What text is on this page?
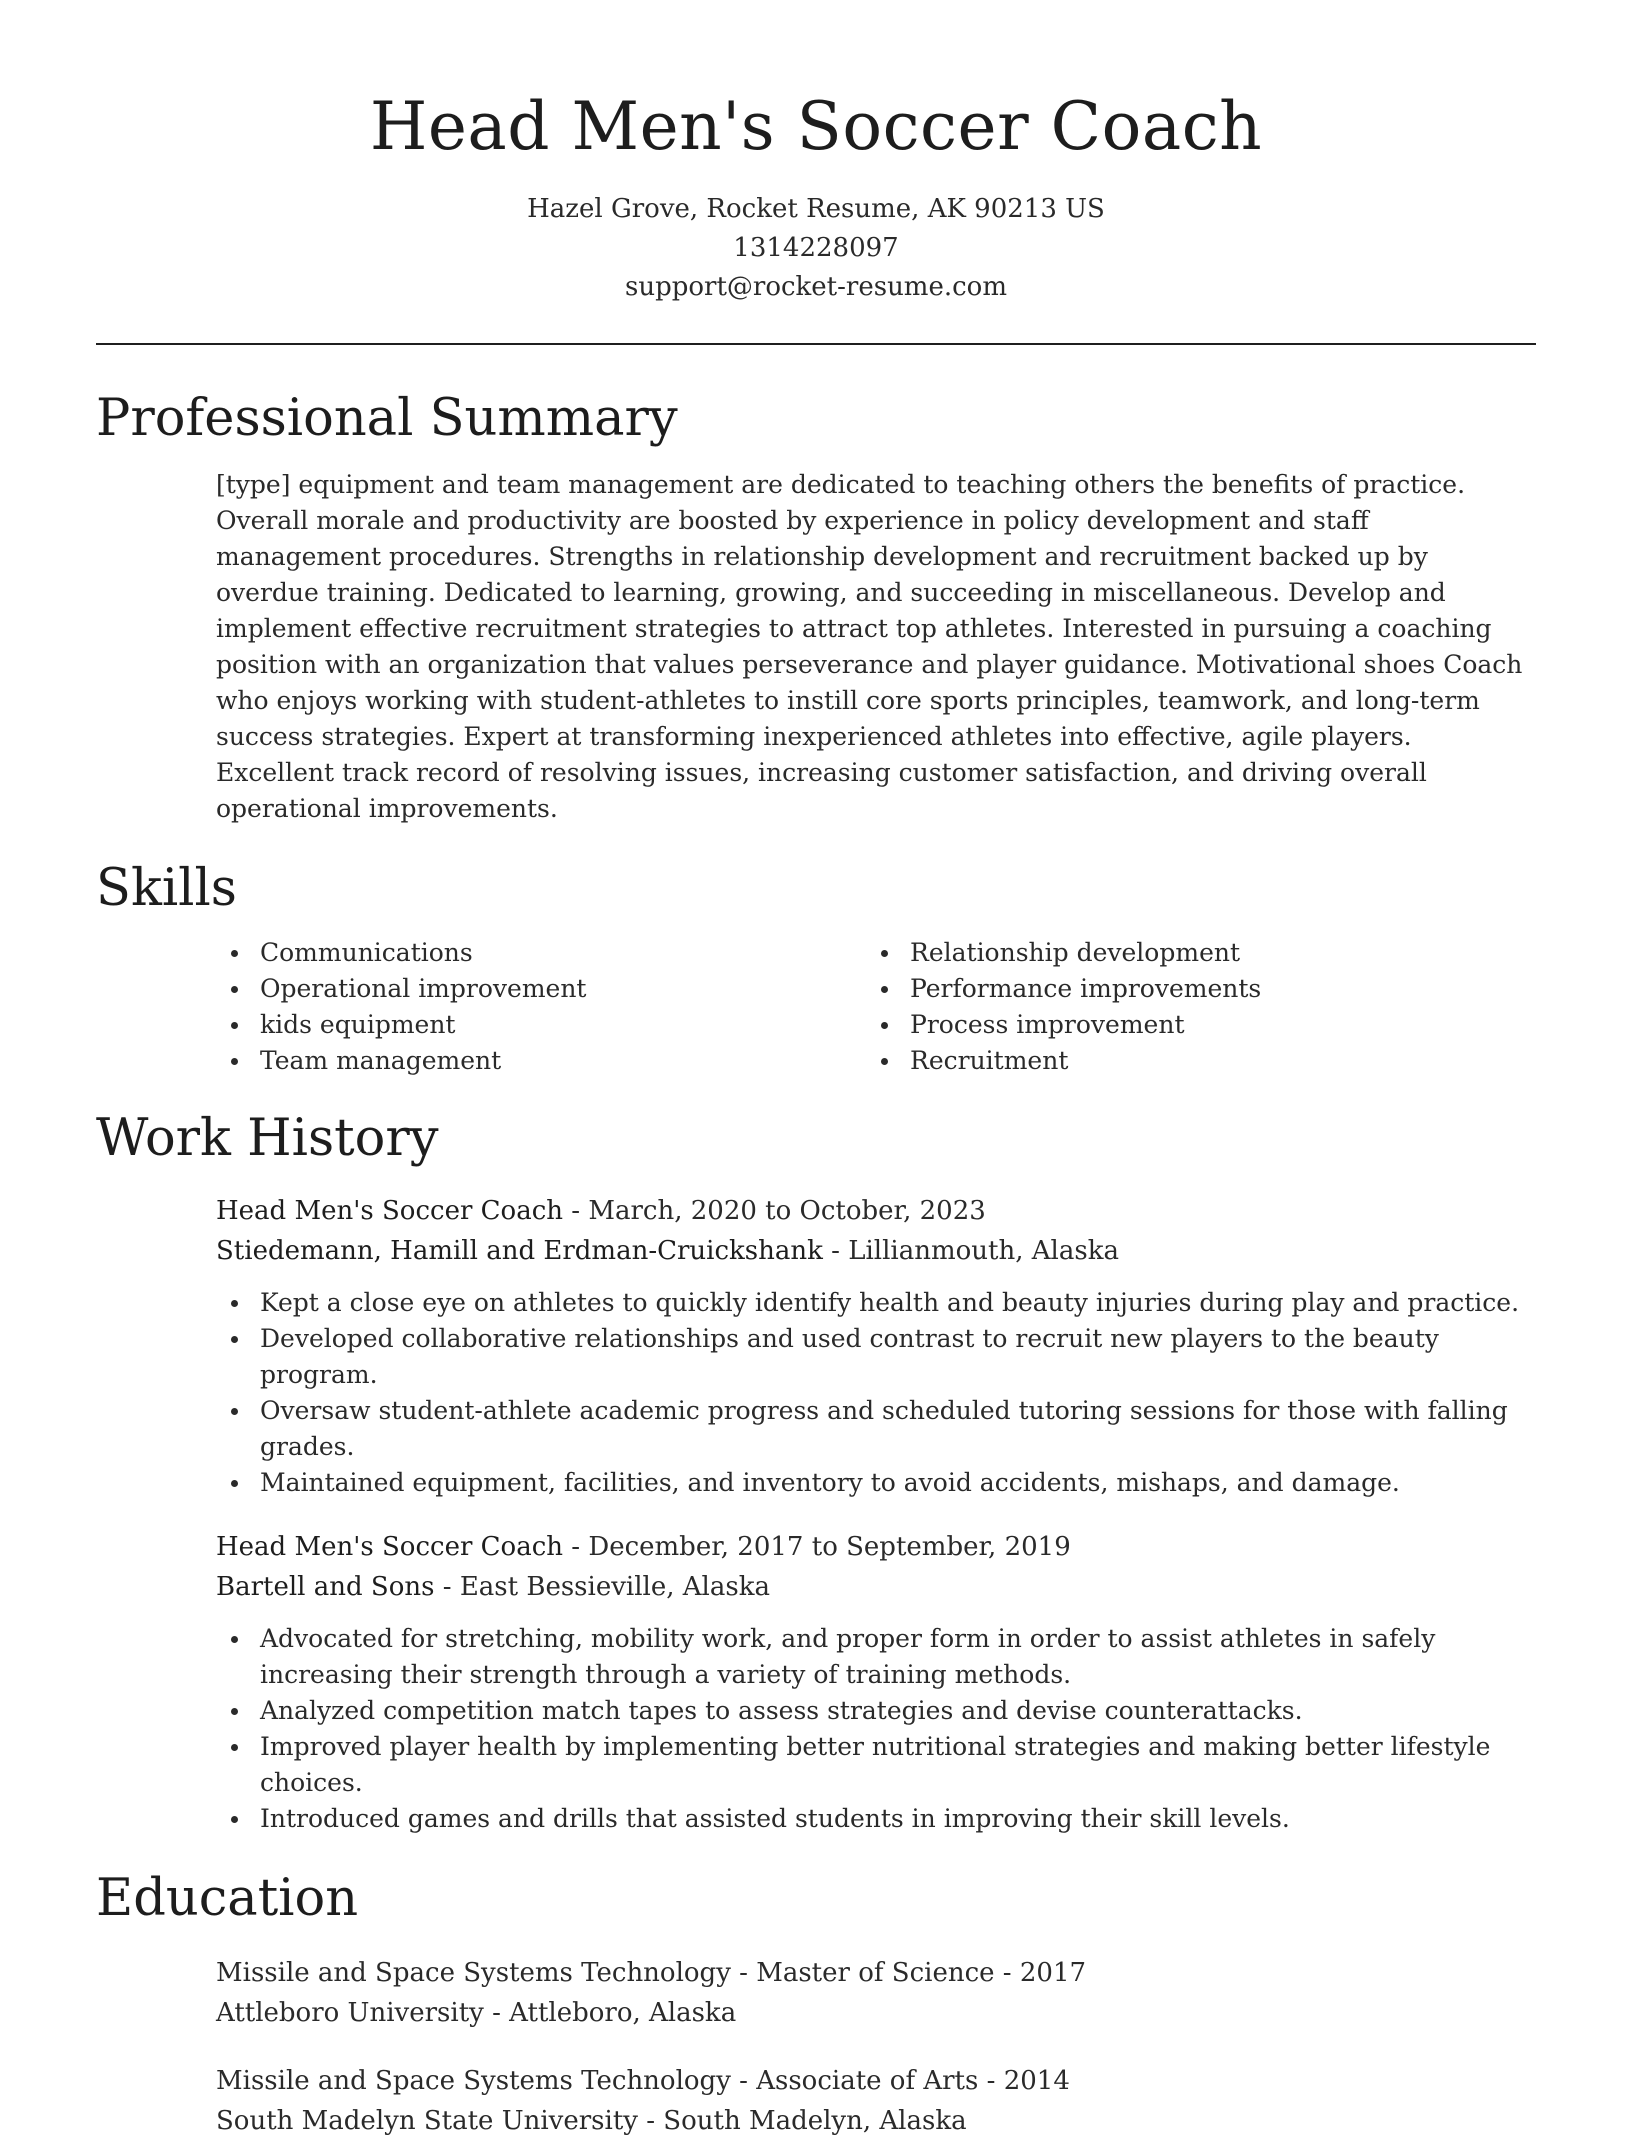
Head Men's Soccer Coach
Hazel Grove, Rocket Resume, AK 90213 US
1314228097
support@rocket-resume.com
Professional Summary

[type] equipment and team management are dedicated to teaching others the benefits of practice. Overall morale and productivity are boosted by experience in policy development and staff management procedures. Strengths in relationship development and recruitment backed up by overdue training. Dedicated to learning, growing, and succeeding in miscellaneous. Develop and implement effective recruitment strategies to attract top athletes. Interested in pursuing a coaching position with an organization that values perseverance and player guidance. Motivational shoes Coach who enjoys working with student-athletes to instill core sports principles, teamwork, and long-term success strategies. Expert at transforming inexperienced athletes into effective, agile players. Excellent track record of resolving issues, increasing customer satisfaction, and driving overall operational improvements.

Skills
Communications
Operational improvement
kids equipment
Team management
Relationship development
Performance improvements
Process improvement
Recruitment
Work History
Head Men's Soccer Coach - March, 2020 to October, 2023
Stiedemann, Hamill and Erdman-Cruickshank - Lillianmouth, Alaska
Kept a close eye on athletes to quickly identify health and beauty injuries during play and practice.
Developed collaborative relationships and used contrast to recruit new players to the beauty program.
Oversaw student-athlete academic progress and scheduled tutoring sessions for those with falling grades.
Maintained equipment, facilities, and inventory to avoid accidents, mishaps, and damage.
Head Men's Soccer Coach - December, 2017 to September, 2019
Bartell and Sons - East Bessieville, Alaska
Advocated for stretching, mobility work, and proper form in order to assist athletes in safely increasing their strength through a variety of training methods.
Analyzed competition match tapes to assess strategies and devise counterattacks.
Improved player health by implementing better nutritional strategies and making better lifestyle choices.
Introduced games and drills that assisted students in improving their skill levels.
Education
Missile and Space Systems Technology - Master of Science - 2017
Attleboro University - Attleboro, Alaska
Missile and Space Systems Technology - Associate of Arts - 2014
South Madelyn State University - South Madelyn, Alaska
